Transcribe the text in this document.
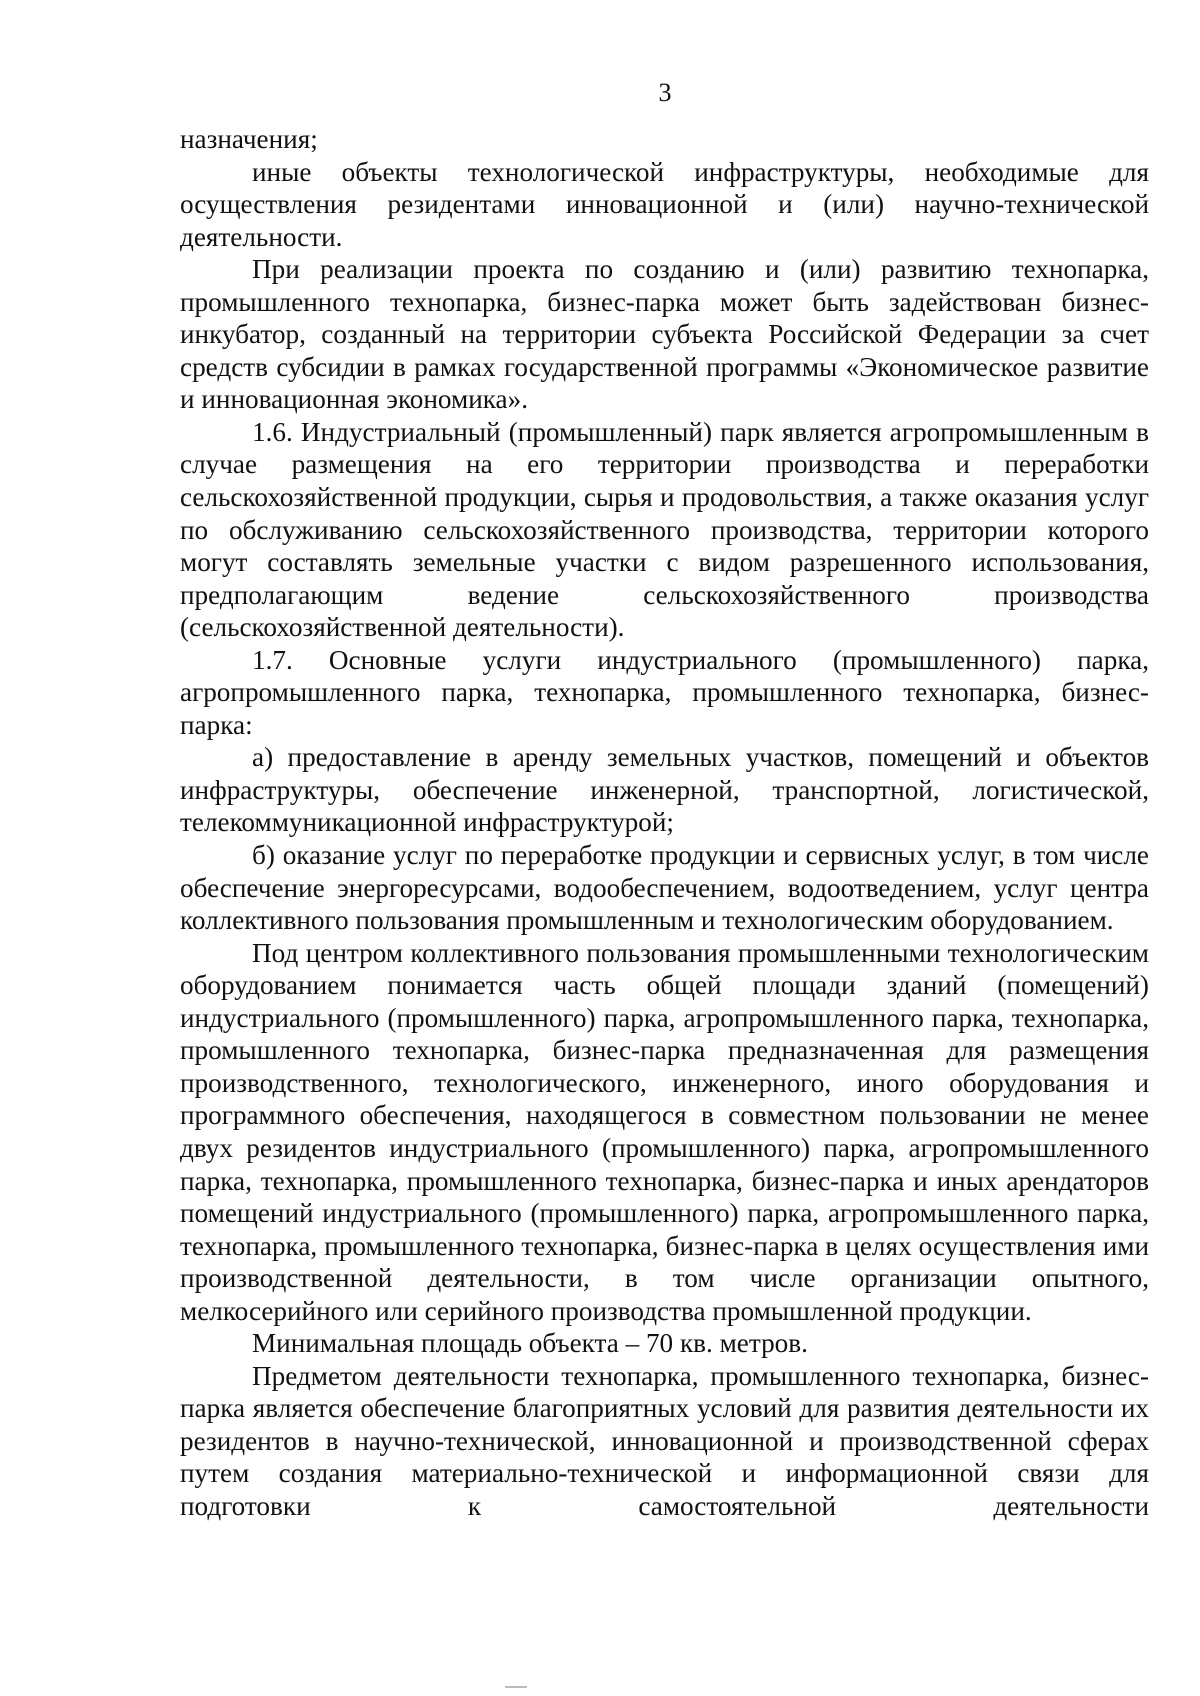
3

назначения;

иные объекты технологической инфраструктуры, необходимые для осуществления резидентами инновационной и (или) научно-технической деятельности.

При реализации проекта по созданию и (или) развитию технопарка, промышленного технопарка, бизнес-парка может быть задействован бизнес-инкубатор, созданный на территории субъекта Российской Федерации за счет средств субсидии в рамках государственной программы «Экономическое развитие и инновационная экономика».

1.6. Индустриальный (промышленный) парк является агропромышленным в случае размещения на его территории производства и переработки сельскохозяйственной продукции, сырья и продовольствия, а также оказания услуг по обслуживанию сельскохозяйственного производства, территории которого могут составлять земельные участки с видом разрешенного использования, предполагающим ведение сельскохозяйственного производства (сельскохозяйственной деятельности).

1.7. Основные услуги индустриального (промышленного) парка, агропромышленного парка, технопарка, промышленного технопарка, бизнес-парка:

а) предоставление в аренду земельных участков, помещений и объектов инфраструктуры, обеспечение инженерной, транспортной, логистической, телекоммуникационной инфраструктурой;

б) оказание услуг по переработке продукции и сервисных услуг, в том числе обеспечение энергоресурсами, водообеспечением, водоотведением, услуг центра коллективного пользования промышленным и технологическим оборудованием.

Под центром коллективного пользования промышленными технологическим оборудованием понимается часть общей площади зданий (помещений) индустриального (промышленного) парка, агропромышленного парка, технопарка, промышленного технопарка, бизнес-парка предназначенная для размещения производственного, технологического, инженерного, иного оборудования и программного обеспечения, находящегося в совместном пользовании не менее двух резидентов индустриального (промышленного) парка, агропромышленного парка, технопарка, промышленного технопарка, бизнес-парка и иных арендаторов помещений индустриального (промышленного) парка, агропромышленного парка, технопарка, промышленного технопарка, бизнес-парка в целях осуществления ими производственной деятельности, в том числе организации опытного, мелкосерийного или серийного производства промышленной продукции.

Минимальная площадь объекта – 70 кв. метров.

Предметом деятельности технопарка, промышленного технопарка, бизнес-парка является обеспечение благоприятных условий для развития деятельности их резидентов в научно-технической, инновационной и производственной сферах путем создания материально-технической и информационной связи для подготовки к самостоятельной деятельности
